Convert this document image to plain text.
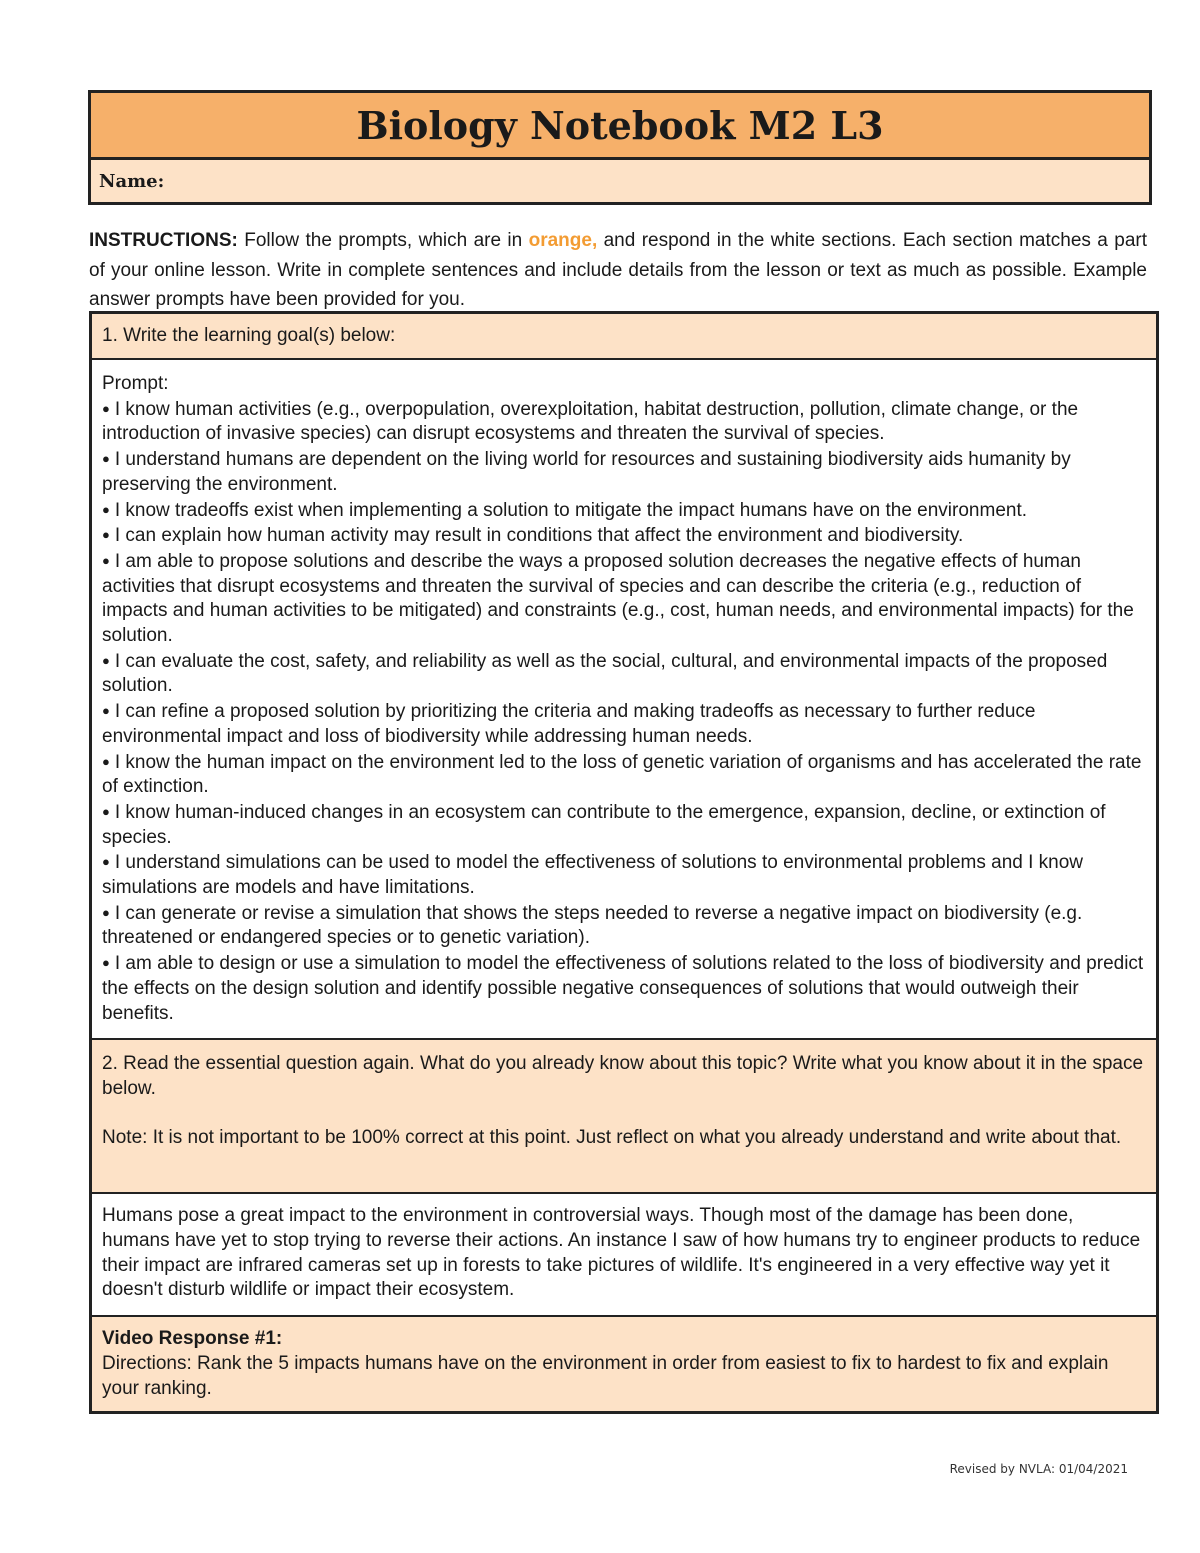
Biology Notebook M2 L3
Name:
INSTRUCTIONS: Follow the prompts, which are in orange, and respond in the white sections. Each section matches a part of your online lesson. Write in complete sentences and include details from the lesson or text as much as possible. Example answer prompts have been provided for you.
1. Write the learning goal(s) below:
Prompt:
● I know human activities (e.g., overpopulation, overexploitation, habitat destruction, pollution, climate change, or the introduction of invasive species) can disrupt ecosystems and threaten the survival of species.
● I understand humans are dependent on the living world for resources and sustaining biodiversity aids humanity by preserving the environment.
● I know tradeoffs exist when implementing a solution to mitigate the impact humans have on the environment.
● I can explain how human activity may result in conditions that affect the environment and biodiversity.
● I am able to propose solutions and describe the ways a proposed solution decreases the negative effects of human activities that disrupt ecosystems and threaten the survival of species and can describe the criteria (e.g., reduction of impacts and human activities to be mitigated) and constraints (e.g., cost, human needs, and environmental impacts) for the solution.
● I can evaluate the cost, safety, and reliability as well as the social, cultural, and environmental impacts of the proposed solution.
● I can refine a proposed solution by prioritizing the criteria and making tradeoffs as necessary to further reduce environmental impact and loss of biodiversity while addressing human needs.
● I know the human impact on the environment led to the loss of genetic variation of organisms and has accelerated the rate of extinction.
● I know human-induced changes in an ecosystem can contribute to the emergence, expansion, decline, or extinction of species.
● I understand simulations can be used to model the effectiveness of solutions to environmental problems and I know simulations are models and have limitations.
● I can generate or revise a simulation that shows the steps needed to reverse a negative impact on biodiversity (e.g. threatened or endangered species or to genetic variation).
● I am able to design or use a simulation to model the effectiveness of solutions related to the loss of biodiversity and predict the effects on the design solution and identify possible negative consequences of solutions that would outweigh their benefits.
2. Read the essential question again. What do you already know about this topic? Write what you know about it in the space below.
Note: It is not important to be 100% correct at this point. Just reflect on what you already understand and write about that.
Humans pose a great impact to the environment in controversial ways. Though most of the damage has been done, humans have yet to stop trying to reverse their actions. An instance I saw of how humans try to engineer products to reduce their impact are infrared cameras set up in forests to take pictures of wildlife. It's engineered in a very effective way yet it doesn't disturb wildlife or impact their ecosystem.
Video Response #1:
Directions: Rank the 5 impacts humans have on the environment in order from easiest to fix to hardest to fix and explain your ranking.
Revised by NVLA: 01/04/2021
